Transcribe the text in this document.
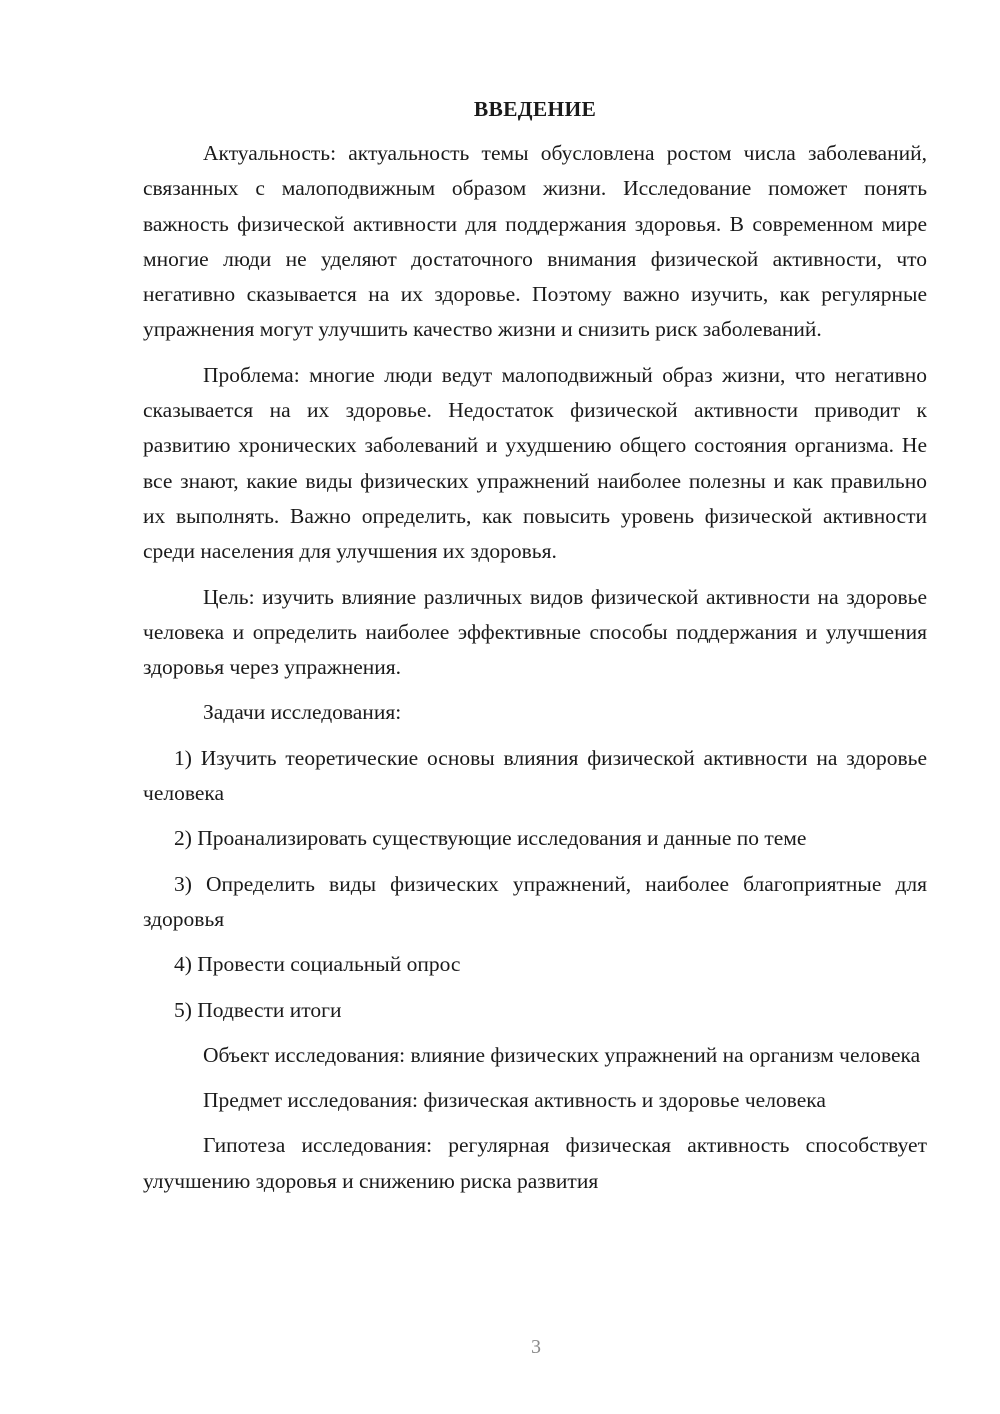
ВВЕДЕНИЕ

Актуальность: актуальность темы обусловлена ростом числа заболеваний, связанных с малоподвижным образом жизни. Исследование поможет понять важность физической активности для поддержания здоровья. В современном мире многие люди не уделяют достаточного внимания физической активности, что негативно сказывается на их здоровье. Поэтому важно изучить, как регулярные упражнения могут улучшить качество жизни и снизить риск заболеваний.

Проблема: многие люди ведут малоподвижный образ жизни, что негативно сказывается на их здоровье. Недостаток физической активности приводит к развитию хронических заболеваний и ухудшению общего состояния организма. Не все знают, какие виды физических упражнений наиболее полезны и как правильно их выполнять. Важно определить, как повысить уровень физической активности среди населения для улучшения их здоровья.

Цель: изучить влияние различных видов физической активности на здоровье человека и определить наиболее эффективные способы поддержания и улучшения здоровья через упражнения.

Задачи исследования:

1) Изучить теоретические основы влияния физической активности на здоровье человека

2) Проанализировать существующие исследования и данные по теме

3) Определить виды физических упражнений, наиболее благоприятные для здоровья

4) Провести социальный опрос

5) Подвести итоги

Объект исследования: влияние физических упражнений на организм человека

Предмет исследования: физическая активность и здоровье человека

Гипотеза исследования: регулярная физическая активность способствует улучшению здоровья и снижению риска развития

3
